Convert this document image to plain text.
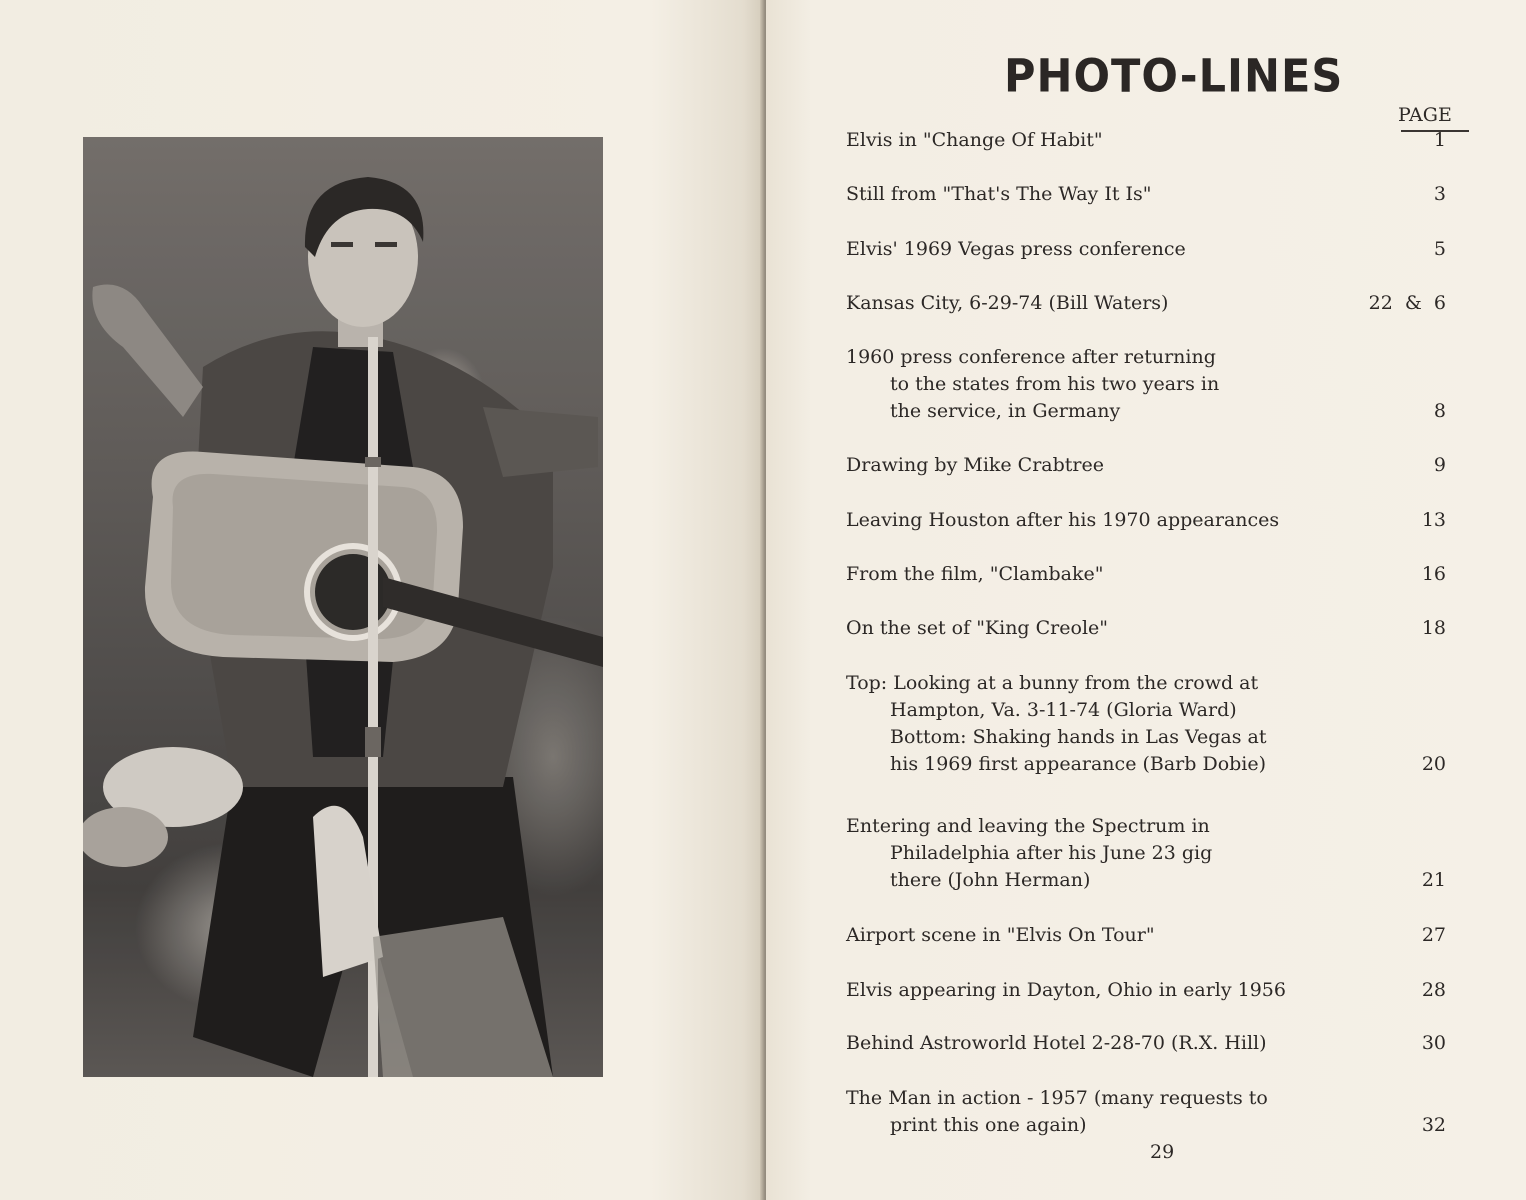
PHOTO-LINES
PAGE
Elvis in "Change Of Habit"	1
Still from "That's The Way It Is"	3
Elvis' 1969 Vegas press conference	5
Kansas City, 6-29-74 (Bill Waters)	22  &  6
1960 press conference after returning
to the states from his two years in
the service, in Germany	8
Drawing by Mike Crabtree	9
Leaving Houston after his 1970 appearances	13
From the film, "Clambake"	16
On the set of "King Creole"	18
Top: Looking at a bunny from the crowd at
Hampton, Va. 3-11-74 (Gloria Ward)
Bottom: Shaking hands in Las Vegas at
his 1969 first appearance (Barb Dobie)	20
Entering and leaving the Spectrum in
Philadelphia after his June 23 gig
there (John Herman)	21
Airport scene in "Elvis On Tour"	27
Elvis appearing in Dayton, Ohio in early 1956	28
Behind Astroworld Hotel 2-28-70 (R.X. Hill)	30
The Man in action - 1957 (many requests to
print this one again)	32
29
